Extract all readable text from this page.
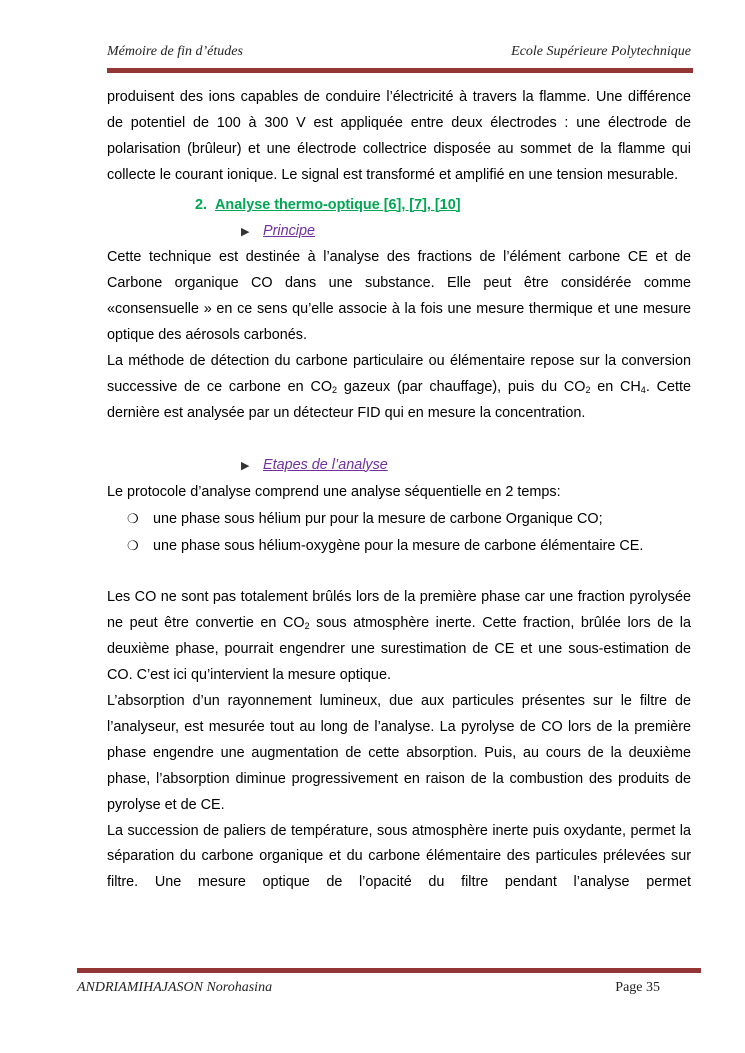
Mémoire de fin d’études	Ecole Supérieure Polytechnique

produisent des ions capables de conduire l’électricité à travers la flamme. Une différence de potentiel de 100 à 300 V est appliquée entre deux électrodes : une électrode de polarisation (brûleur) et une électrode collectrice disposée au sommet de la flamme qui collecte le courant ionique. Le signal est transformé et amplifié en une tension mesurable.

2. Analyse thermo-optique [6], [7], [10]

▶ Principe

Cette technique est destinée à l’analyse des fractions de l’élément carbone CE et de Carbone organique CO dans une substance. Elle peut être considérée comme «consensuelle » en ce sens qu’elle associe à la fois une mesure thermique et une mesure optique des aérosols carbonés.

La méthode de détection du carbone particulaire ou élémentaire repose sur la conversion successive de ce carbone en $CO_2$ gazeux (par chauffage), puis du $CO_2$ en $CH_4$. Cette dernière est analysée par un détecteur FID qui en mesure la concentration.

▶ Etapes de l’analyse

Le protocole d’analyse comprend une analyse séquentielle en 2 temps:

❍ une phase sous hélium pur pour la mesure de carbone Organique CO;

❍ une phase sous hélium-oxygène pour la mesure de carbone élémentaire CE.

Les CO ne sont pas totalement brûlés lors de la première phase car une fraction pyrolysée ne peut être convertie en $CO_2$ sous atmosphère inerte. Cette fraction, brûlée lors de la deuxième phase, pourrait engendrer une surestimation de CE et une sous-estimation de CO. C’est ici qu’intervient la mesure optique.

L’absorption d’un rayonnement lumineux, due aux particules présentes sur le filtre de l’analyseur, est mesurée tout au long de l’analyse. La pyrolyse de CO lors de la première phase engendre une augmentation de cette absorption. Puis, au cours de la deuxième phase, l’absorption diminue progressivement en raison de la combustion des produits de pyrolyse et de CE.

La succession de paliers de température, sous atmosphère inerte puis oxydante, permet la séparation du carbone organique et du carbone élémentaire des particules prélevées sur filtre. Une mesure optique de l’opacité du filtre pendant l’analyse permet

ANDRIAMIHAJASON Norohasina	Page 35
